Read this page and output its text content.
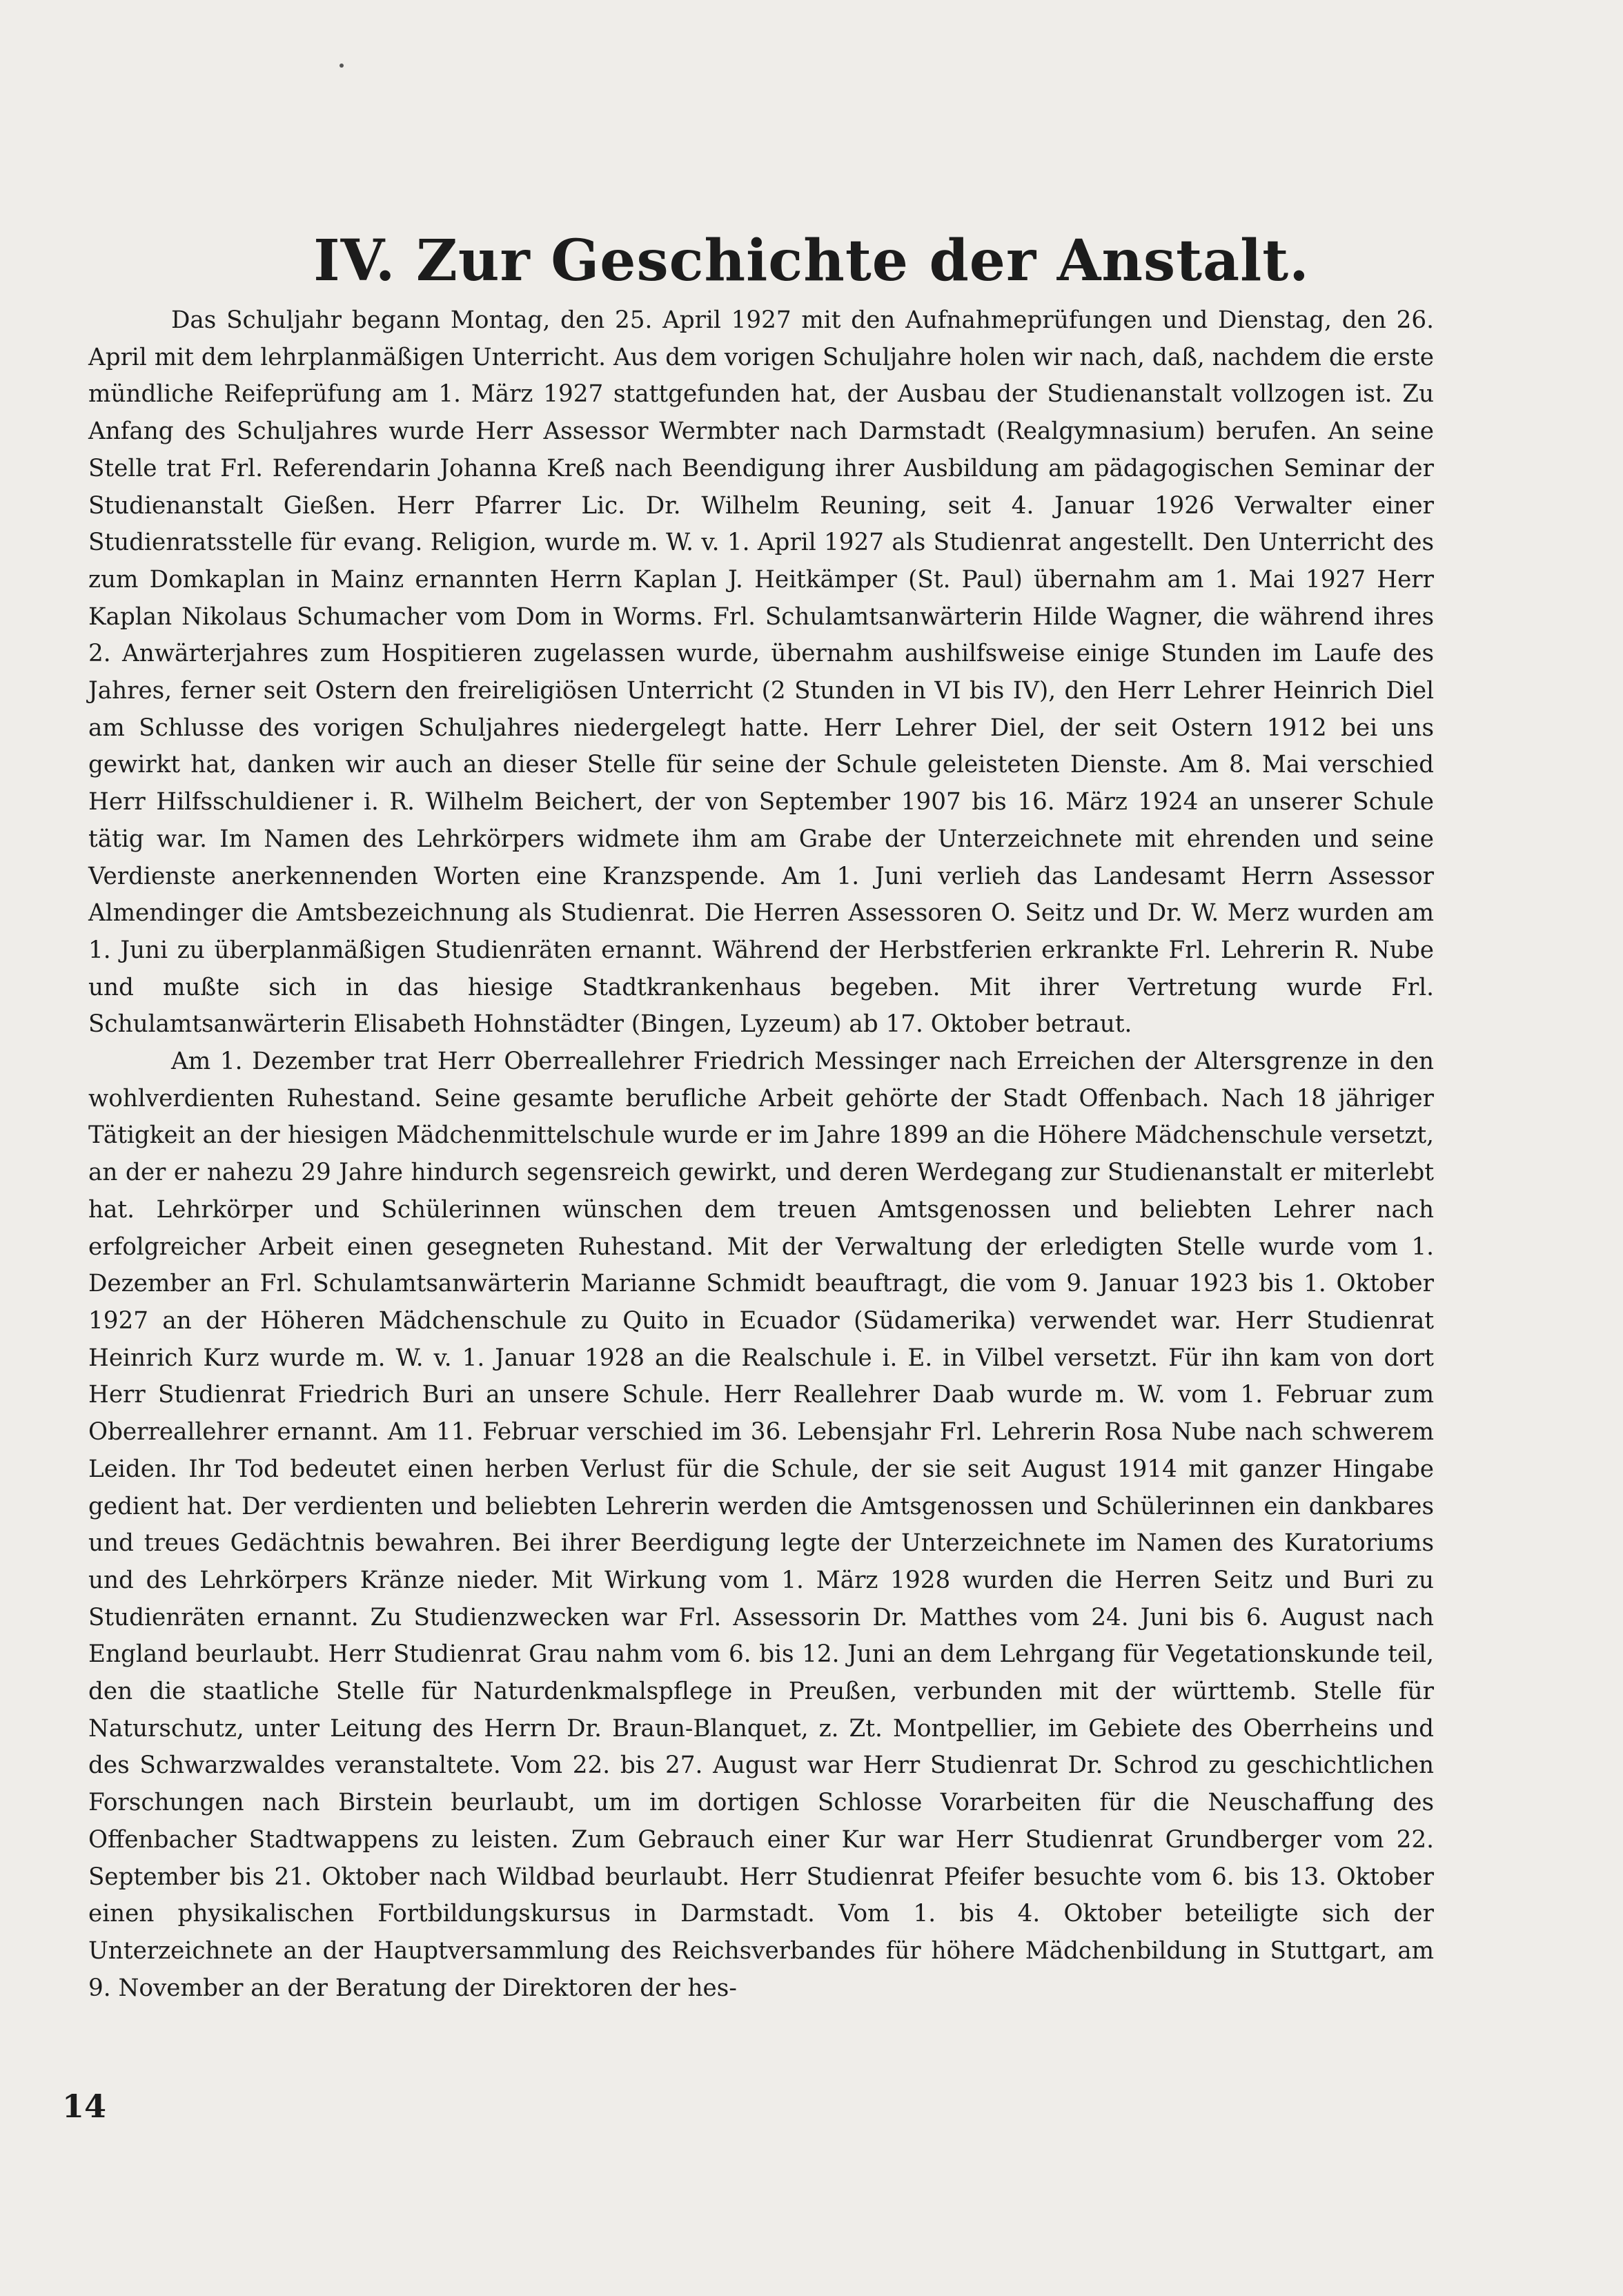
IV. Zur Geschichte der Anstalt.

Das Schuljahr begann Montag, den 25. April 1927 mit den Aufnahmeprüfungen und Dienstag, den 26. April mit dem lehrplanmäßigen Unterricht. Aus dem vorigen Schuljahre holen wir nach, daß, nachdem die erste mündliche Reifeprüfung am 1. März 1927 stattgefunden hat, der Ausbau der Studienanstalt vollzogen ist. Zu Anfang des Schuljahres wurde Herr Assessor Wermbter nach Darmstadt (Realgymnasium) berufen. An seine Stelle trat Frl. Referendarin Johanna Kreß nach Beendigung ihrer Ausbildung am pädagogischen Seminar der Studienanstalt Gießen. Herr Pfarrer Lic. Dr. Wilhelm Reuning, seit 4. Januar 1926 Verwalter einer Studienratsstelle für evang. Religion, wurde m. W. v. 1. April 1927 als Studienrat angestellt. Den Unterricht des zum Domkaplan in Mainz ernannten Herrn Kaplan J. Heitkämper (St. Paul) übernahm am 1. Mai 1927 Herr Kaplan Nikolaus Schumacher vom Dom in Worms. Frl. Schulamtsanwärterin Hilde Wagner, die während ihres 2. Anwärterjahres zum Hospitieren zugelassen wurde, übernahm aushilfsweise einige Stunden im Laufe des Jahres, ferner seit Ostern den freireligiösen Unterricht (2 Stunden in VI bis IV), den Herr Lehrer Heinrich Diel am Schlusse des vorigen Schuljahres niedergelegt hatte. Herr Lehrer Diel, der seit Ostern 1912 bei uns gewirkt hat, danken wir auch an dieser Stelle für seine der Schule geleisteten Dienste. Am 8. Mai verschied Herr Hilfsschuldiener i. R. Wilhelm Beichert, der von September 1907 bis 16. März 1924 an unserer Schule tätig war. Im Namen des Lehrkörpers widmete ihm am Grabe der Unterzeichnete mit ehrenden und seine Verdienste anerkennenden Worten eine Kranzspende. Am 1. Juni verlieh das Landesamt Herrn Assessor Almendinger die Amtsbezeichnung als Studienrat. Die Herren Assessoren O. Seitz und Dr. W. Merz wurden am 1. Juni zu überplanmäßigen Studienräten ernannt. Während der Herbstferien erkrankte Frl. Lehrerin R. Nube und mußte sich in das hiesige Stadtkrankenhaus begeben. Mit ihrer Vertretung wurde Frl. Schulamtsanwärterin Elisabeth Hohnstädter (Bingen, Lyzeum) ab 17. Oktober betraut.

Am 1. Dezember trat Herr Oberreallehrer Friedrich Messinger nach Erreichen der Altersgrenze in den wohlverdienten Ruhestand. Seine gesamte berufliche Arbeit gehörte der Stadt Offenbach. Nach 18 jähriger Tätigkeit an der hiesigen Mädchenmittelschule wurde er im Jahre 1899 an die Höhere Mädchenschule versetzt, an der er nahezu 29 Jahre hindurch segensreich gewirkt, und deren Werdegang zur Studienanstalt er miterlebt hat. Lehrkörper und Schülerinnen wünschen dem treuen Amtsgenossen und beliebten Lehrer nach erfolgreicher Arbeit einen gesegneten Ruhestand. Mit der Verwaltung der erledigten Stelle wurde vom 1. Dezember an Frl. Schulamtsanwärterin Marianne Schmidt beauftragt, die vom 9. Januar 1923 bis 1. Oktober 1927 an der Höheren Mädchenschule zu Quito in Ecuador (Südamerika) verwendet war. Herr Studienrat Heinrich Kurz wurde m. W. v. 1. Januar 1928 an die Realschule i. E. in Vilbel versetzt. Für ihn kam von dort Herr Studienrat Friedrich Buri an unsere Schule. Herr Reallehrer Daab wurde m. W. vom 1. Februar zum Oberreallehrer ernannt. Am 11. Februar verschied im 36. Lebensjahr Frl. Lehrerin Rosa Nube nach schwerem Leiden. Ihr Tod bedeutet einen herben Verlust für die Schule, der sie seit August 1914 mit ganzer Hingabe gedient hat. Der verdienten und beliebten Lehrerin werden die Amtsgenossen und Schülerinnen ein dankbares und treues Gedächtnis bewahren. Bei ihrer Beerdigung legte der Unterzeichnete im Namen des Kuratoriums und des Lehrkörpers Kränze nieder. Mit Wirkung vom 1. März 1928 wurden die Herren Seitz und Buri zu Studienräten ernannt. Zu Studienzwecken war Frl. Assessorin Dr. Matthes vom 24. Juni bis 6. August nach England beurlaubt. Herr Studienrat Grau nahm vom 6. bis 12. Juni an dem Lehrgang für Vegetationskunde teil, den die staatliche Stelle für Naturdenkmalspflege in Preußen, verbunden mit der württemb. Stelle für Naturschutz, unter Leitung des Herrn Dr. Braun-Blanquet, z. Zt. Montpellier, im Gebiete des Oberrheins und des Schwarzwaldes veranstaltete. Vom 22. bis 27. August war Herr Studienrat Dr. Schrod zu geschichtlichen Forschungen nach Birstein beurlaubt, um im dortigen Schlosse Vorarbeiten für die Neuschaffung des Offenbacher Stadtwappens zu leisten. Zum Gebrauch einer Kur war Herr Studienrat Grundberger vom 22. September bis 21. Oktober nach Wildbad beurlaubt. Herr Studienrat Pfeifer besuchte vom 6. bis 13. Oktober einen physikalischen Fortbildungskursus in Darmstadt. Vom 1. bis 4. Oktober beteiligte sich der Unterzeichnete an der Hauptversammlung des Reichsverbandes für höhere Mädchenbildung in Stuttgart, am 9. November an der Beratung der Direktoren der hes-

14
